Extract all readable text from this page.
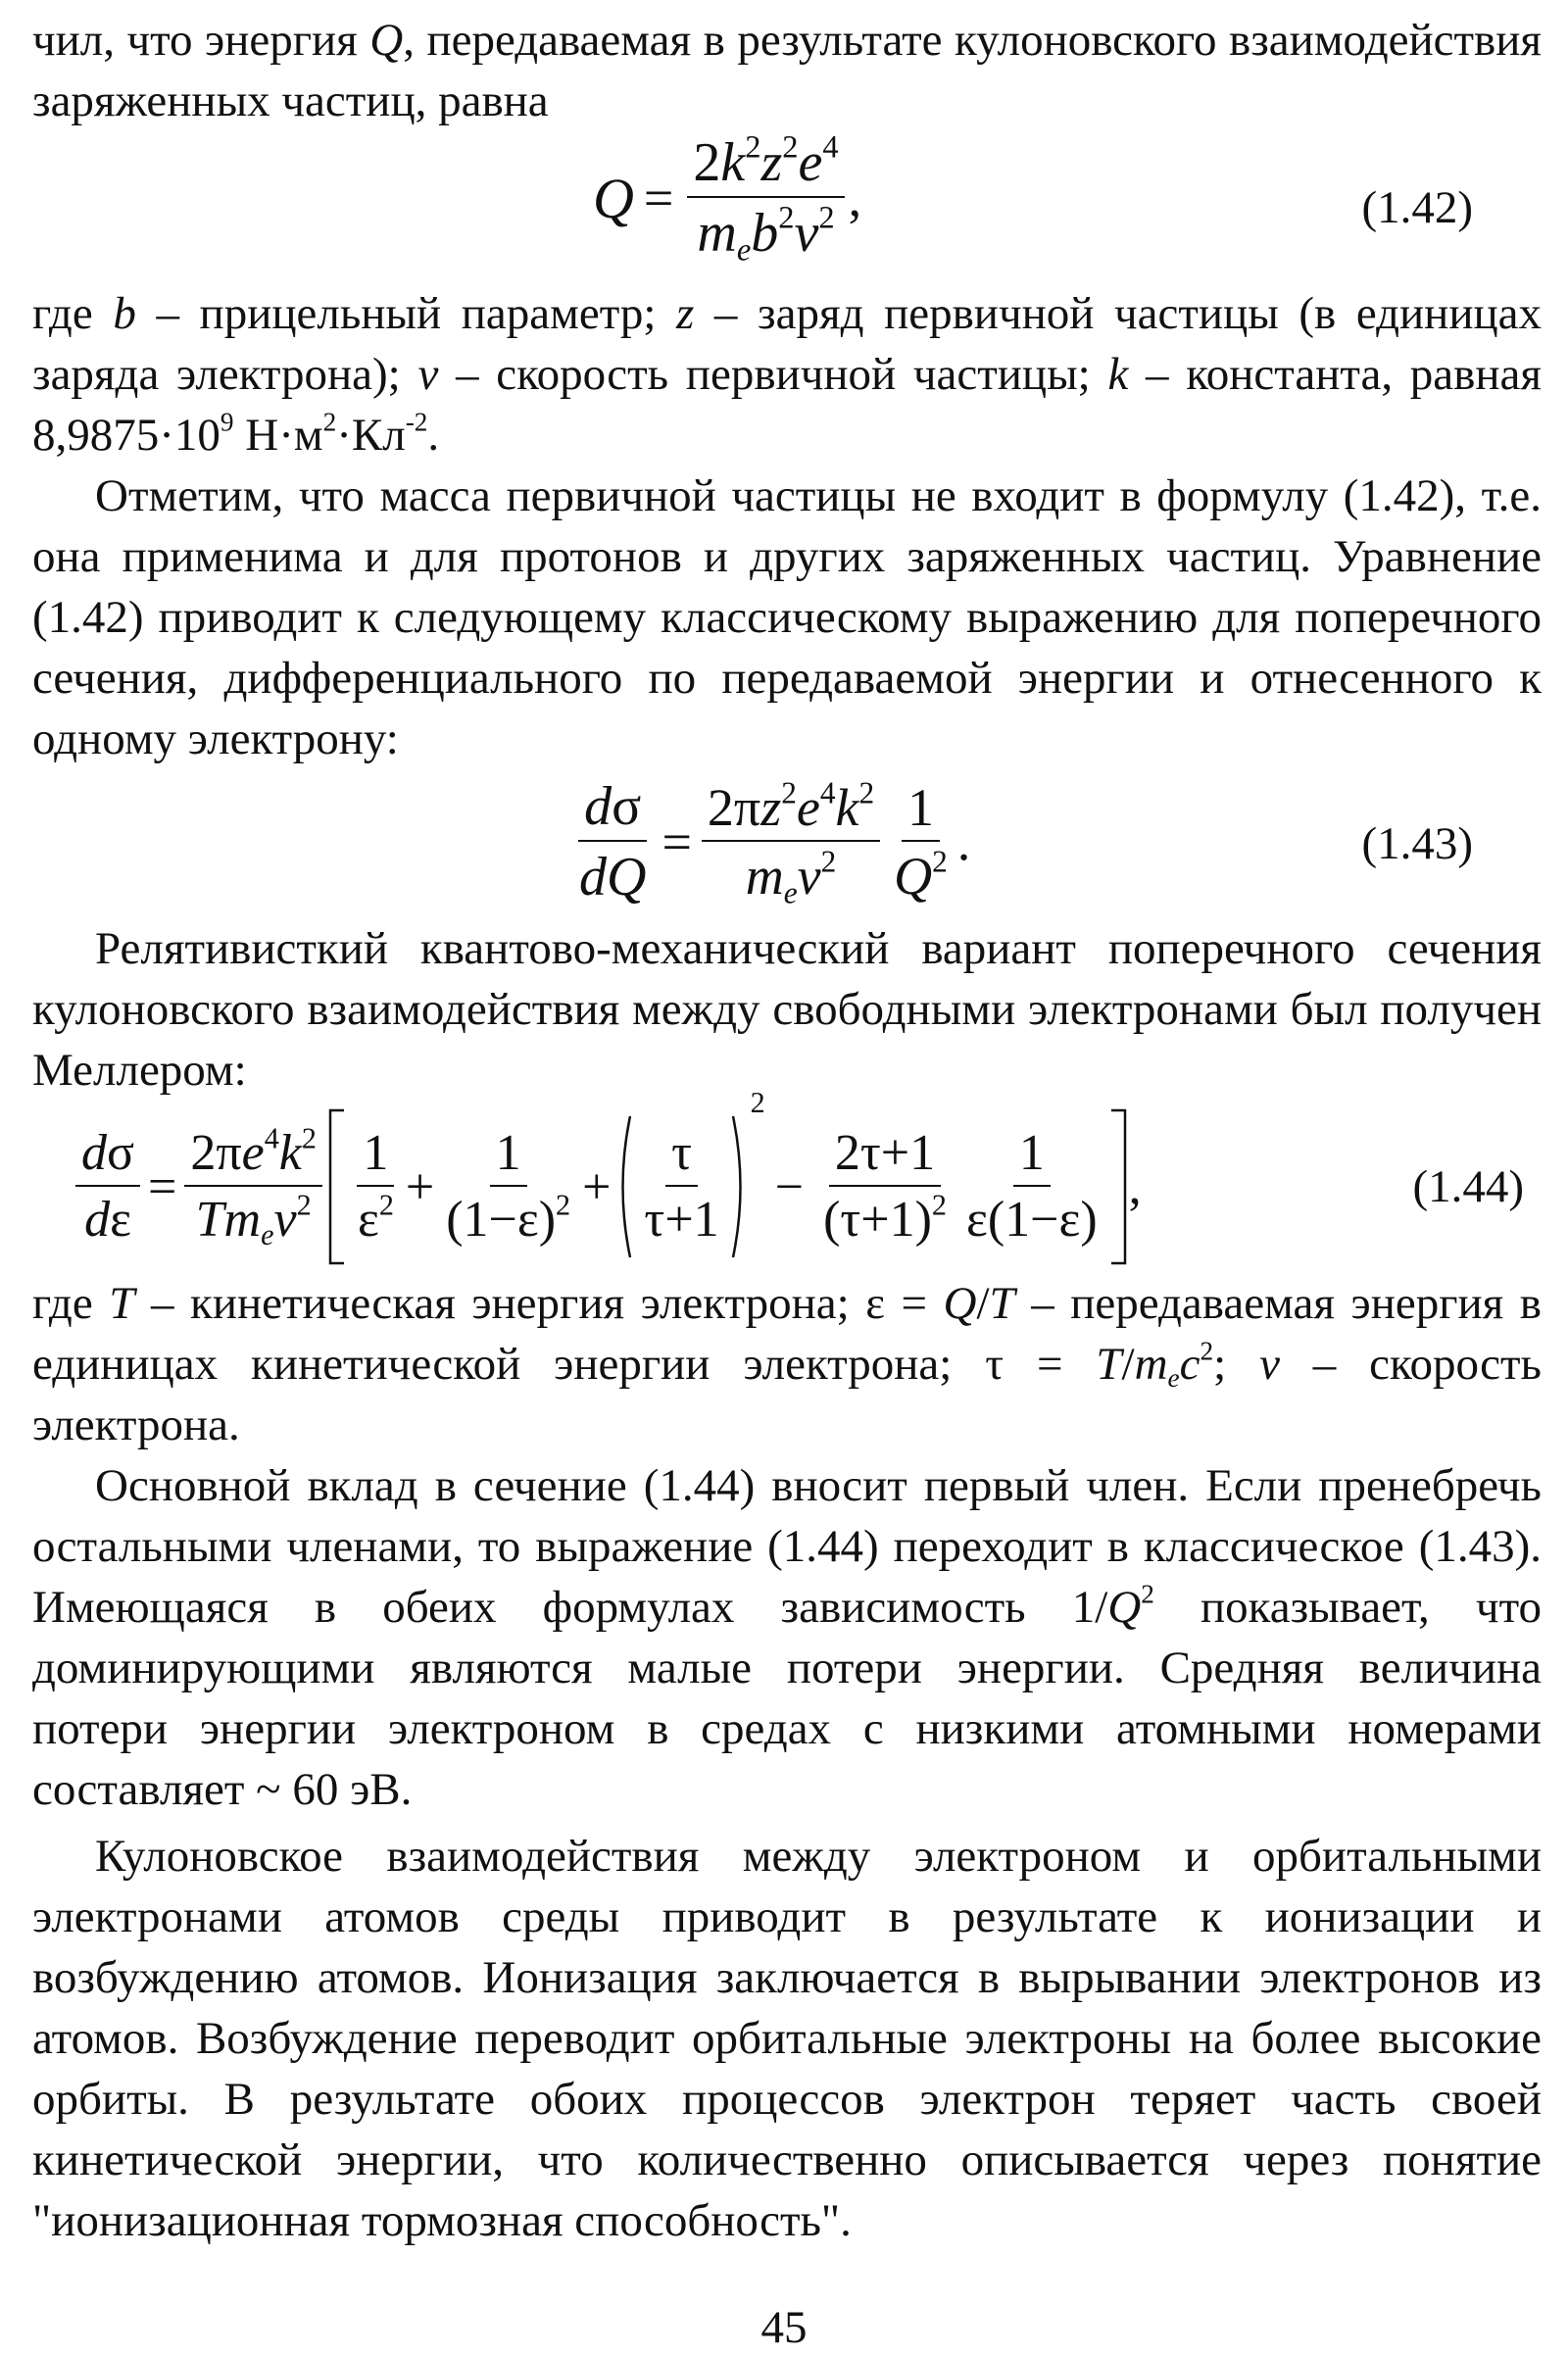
чил, что энергия Q, передаваемая в результате кулоновского взаимодействия заряженных частиц, равна

$Q = \frac{2k^2z^2e^4}{m_eb^2v^2}$ ,	(1.42)

где b – прицельный параметр; z – заряд первичной частицы (в единицах заряда электрона); v – скорость первичной частицы; k – константа, равная $8,9875\cdot 10^9$ $Н\cdot м^2\cdot Кл^{-2}$.

Отметим, что масса первичной частицы не входит в формулу (1.42), т.е. она применима и для протонов и других заряженных частиц. Уравнение (1.42) приводит к следующему классическому выражению для поперечного сечения, дифференциального по передаваемой энергии и отнесенного к одному электрону:

$\frac{d\sigma}{dQ} = \frac{2\pi z^2e^4k^2}{m_ev^2} \frac{1}{Q^2}$ .	(1.43)

Релятивисткий квантово-механический вариант поперечного сечения кулоновского взаимодействия между свободными электронами был получен Меллером:

$\frac{d\sigma}{d\varepsilon} = \frac{2\pi e^4k^2}{Tm_ev^2} \frac{1}{\varepsilon^2} + \frac{1}{(1-\varepsilon)^2} + \frac{\tau}{\tau+1}$
2
− $\frac{2\tau+1}{(\tau+1)^2} \frac{1}{\varepsilon(1-\varepsilon)}$ ,	(1.44)

где T – кинетическая энергия электрона; ε = Q/T – передаваемая энергия в единицах кинетической энергии электрона; $\tau = T/m_ec^2$; v – скорость электрона.

Основной вклад в сечение (1.44) вносит первый член. Если пренебречь остальными членами, то выражение (1.44) переходит в классическое (1.43). Имеющаяся в обеих формулах зависимость $1/Q^2$ показывает, что доминирующими являются малые потери энергии. Средняя величина потери энергии электроном в средах с низкими атомными номерами составляет ~ 60 эВ.

Кулоновское взаимодействия между электроном и орбитальными электронами атомов среды приводит в результате к ионизации и возбуждению атомов. Ионизация заключается в вырывании электронов из атомов. Возбуждение переводит орбитальные электроны на более высокие орбиты. В результате обоих процессов электрон теряет часть своей кинетической энергии, что количественно описывается через понятие "ионизационная тормозная способность".

45
